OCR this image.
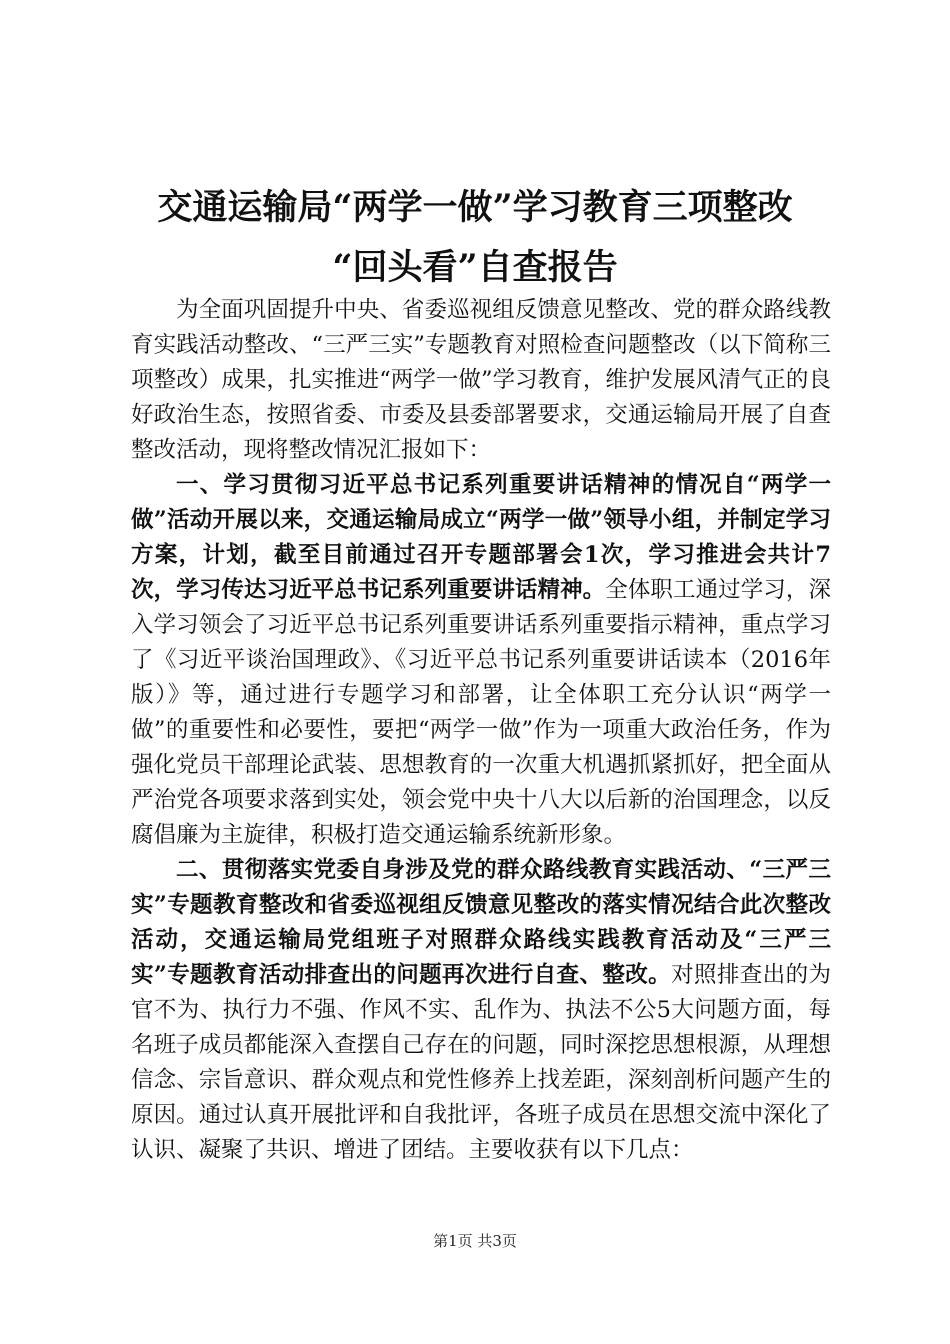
交通运输局“两学一做”学习教育三项整改
“回头看”自查报告

为全面巩固提升中央、省委巡视组反馈意见整改、党的群众路线教育实践活动整改、“三严三实”专题教育对照检查问题整改（以下简称三项整改）成果，扎实推进“两学一做”学习教育，维护发展风清气正的良好政治生态，按照省委、市委及县委部署要求，交通运输局开展了自查整改活动，现将整改情况汇报如下：

一、学习贯彻习近平总书记系列重要讲话精神的情况自“两学一做”活动开展以来，交通运输局成立“两学一做”领导小组，并制定学习方案，计划，截至目前通过召开专题部署会1次，学习推进会共计7次，学习传达习近平总书记系列重要讲话精神。全体职工通过学习，深入学习领会了习近平总书记系列重要讲话系列重要指示精神，重点学习了《习近平谈治国理政》、《习近平总书记系列重要讲话读本（2016年版）》等，通过进行专题学习和部署，让全体职工充分认识“两学一做”的重要性和必要性，要把“两学一做”作为一项重大政治任务，作为强化党员干部理论武装、思想教育的一次重大机遇抓紧抓好，把全面从严治党各项要求落到实处，领会党中央十八大以后新的治国理念，以反腐倡廉为主旋律，积极打造交通运输系统新形象。

二、贯彻落实党委自身涉及党的群众路线教育实践活动、“三严三实”专题教育整改和省委巡视组反馈意见整改的落实情况结合此次整改活动，交通运输局党组班子对照群众路线实践教育活动及“三严三实”专题教育活动排查出的问题再次进行自查、整改。对照排查出的为官不为、执行力不强、作风不实、乱作为、执法不公5大问题方面，每名班子成员都能深入查摆自己存在的问题，同时深挖思想根源，从理想信念、宗旨意识、群众观点和党性修养上找差距，深刻剖析问题产生的原因。通过认真开展批评和自我批评，各班子成员在思想交流中深化了认识、凝聚了共识、增进了团结。主要收获有以下几点：

第1页 共3页
